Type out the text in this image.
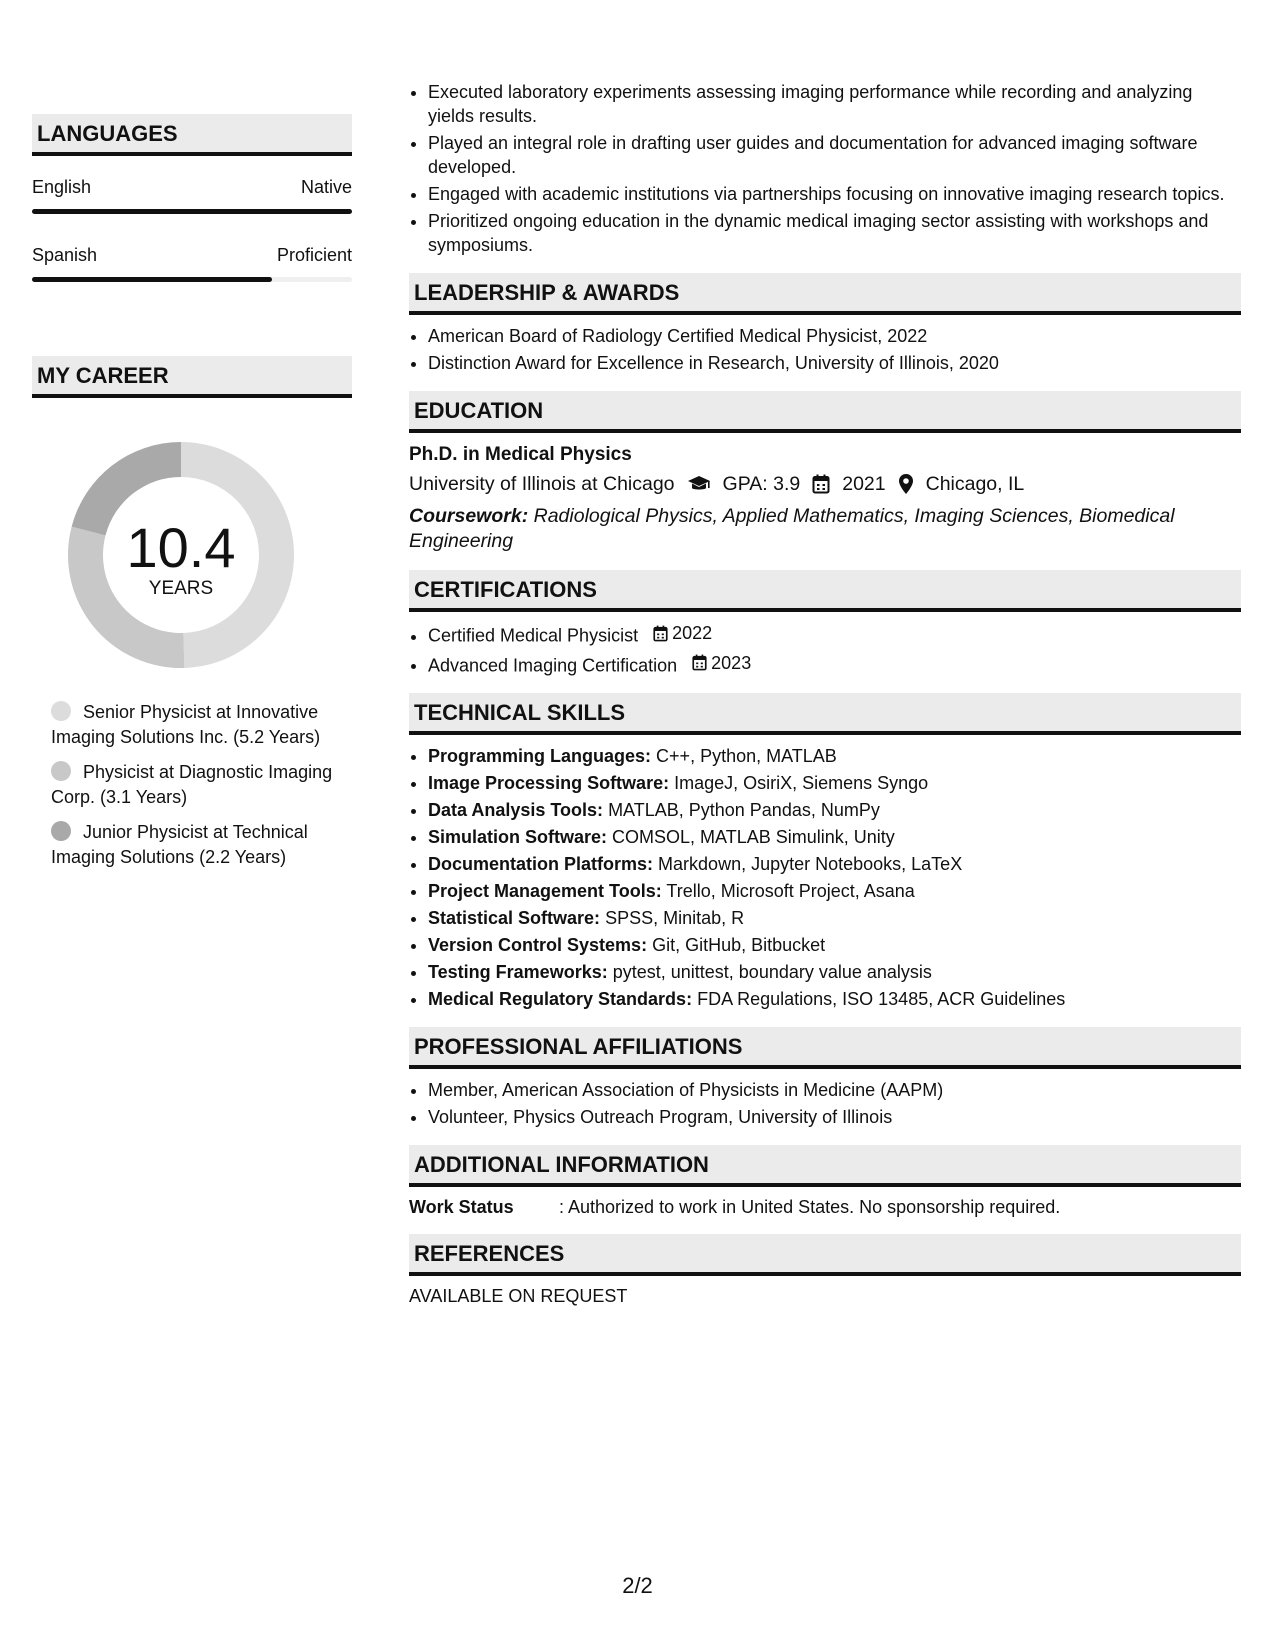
LANGUAGES
English	Native
Spanish	Proficient
MY CAREER
10.4
YEARS
Senior Physicist at Innovative Imaging Solutions Inc. (5.2 Years)
Physicist at Diagnostic Imaging Corp. (3.1 Years)
Junior Physicist at Technical Imaging Solutions (2.2 Years)
• Executed laboratory experiments assessing imaging performance while recording and analyzing yields results.
• Played an integral role in drafting user guides and documentation for advanced imaging software developed.
• Engaged with academic institutions via partnerships focusing on innovative imaging research topics.
• Prioritized ongoing education in the dynamic medical imaging sector assisting with workshops and symposiums.
LEADERSHIP & AWARDS
• American Board of Radiology Certified Medical Physicist, 2022
• Distinction Award for Excellence in Research, University of Illinois, 2020
EDUCATION
Ph.D. in Medical Physics
University of Illinois at Chicago GPA: 3.9 2021 Chicago, IL
Coursework: Radiological Physics, Applied Mathematics, Imaging Sciences, Biomedical Engineering
CERTIFICATIONS
• Certified Medical Physicist 2022
• Advanced Imaging Certification 2023
TECHNICAL SKILLS
• Programming Languages: C++, Python, MATLAB
• Image Processing Software: ImageJ, OsiriX, Siemens Syngo
• Data Analysis Tools: MATLAB, Python Pandas, NumPy
• Simulation Software: COMSOL, MATLAB Simulink, Unity
• Documentation Platforms: Markdown, Jupyter Notebooks, LaTeX
• Project Management Tools: Trello, Microsoft Project, Asana
• Statistical Software: SPSS, Minitab, R
• Version Control Systems: Git, GitHub, Bitbucket
• Testing Frameworks: pytest, unittest, boundary value analysis
• Medical Regulatory Standards: FDA Regulations, ISO 13485, ACR Guidelines
PROFESSIONAL AFFILIATIONS
• Member, American Association of Physicists in Medicine (AAPM)
• Volunteer, Physics Outreach Program, University of Illinois
ADDITIONAL INFORMATION
Work Status	: Authorized to work in United States. No sponsorship required.
REFERENCES
AVAILABLE ON REQUEST
2/2
